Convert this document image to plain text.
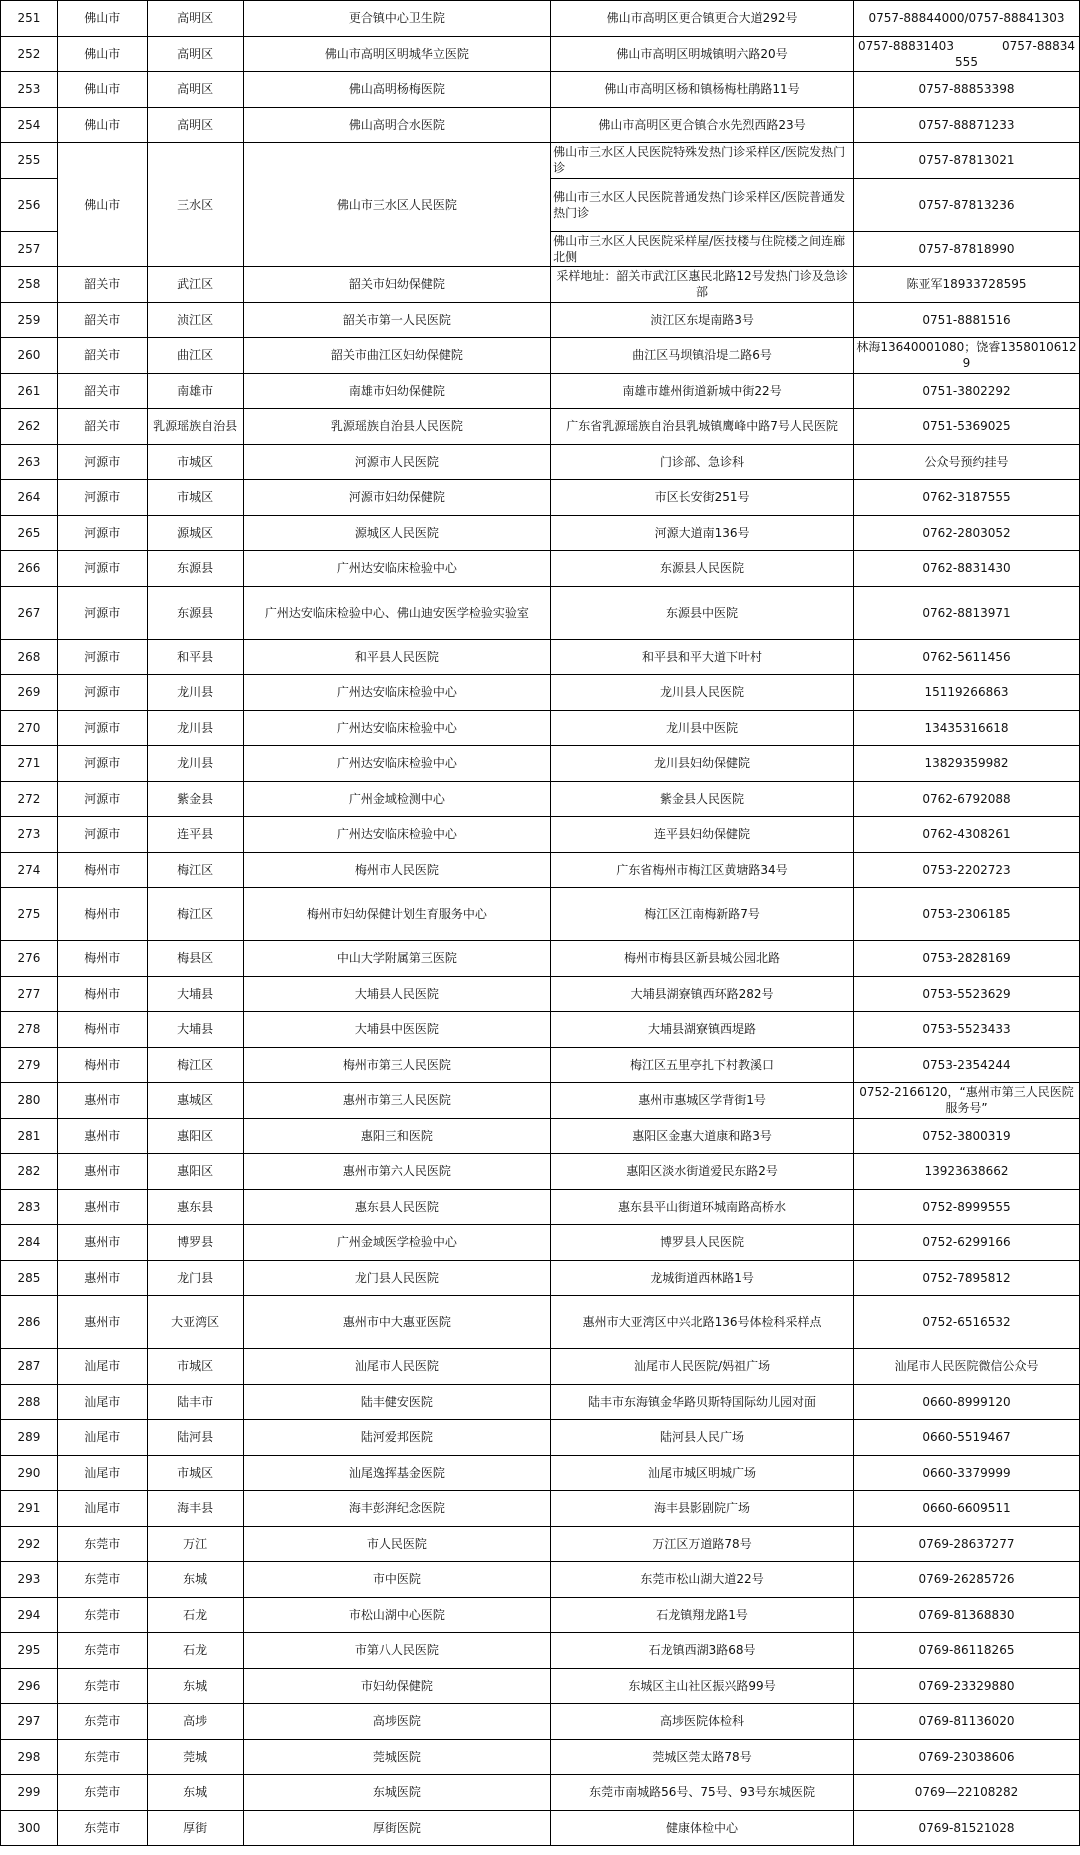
251	佛山市	高明区	更合镇中心卫生院	佛山市高明区更合镇更合大道292号	0757-88844000/0757-88841303
252	佛山市	高明区	佛山市高明区明城华立医院	佛山市高明区明城镇明六路20号	0757-88831403　　　　0757-88834555
253	佛山市	高明区	佛山高明杨梅医院	佛山市高明区杨和镇杨梅杜鹃路11号	0757-88853398
254	佛山市	高明区	佛山高明合水医院	佛山市高明区更合镇合水先烈西路23号	0757-88871233
255	佛山市	三水区	佛山市三水区人民医院	佛山市三水区人民医院特殊发热门诊采样区/医院发热门诊	0757-87813021
256				佛山市三水区人民医院普通发热门诊采样区/医院普通发热门诊	0757-87813236
257				佛山市三水区人民医院采样屋/医技楼与住院楼之间连廊北侧	0757-87818990
258	韶关市	武江区	韶关市妇幼保健院	采样地址：韶关市武江区惠民北路12号发热门诊及急诊部	陈亚军18933728595
259	韶关市	浈江区	韶关市第一人民医院	浈江区东堤南路3号	0751-8881516
260	韶关市	曲江区	韶关市曲江区妇幼保健院	曲江区马坝镇沿堤二路6号	林海13640001080；饶睿13580106129
261	韶关市	南雄市	南雄市妇幼保健院	南雄市雄州街道新城中街22号	0751-3802292
262	韶关市	乳源瑶族自治县	乳源瑶族自治县人民医院	广东省乳源瑶族自治县乳城镇鹰峰中路7号人民医院	0751-5369025
263	河源市	市城区	河源市人民医院	门诊部、急诊科	公众号预约挂号
264	河源市	市城区	河源市妇幼保健院	市区长安街251号	0762-3187555
265	河源市	源城区	源城区人民医院	河源大道南136号	0762-2803052
266	河源市	东源县	广州达安临床检验中心	东源县人民医院	0762-8831430
267	河源市	东源县	广州达安临床检验中心、佛山迪安医学检验实验室	东源县中医院	0762-8813971
268	河源市	和平县	和平县人民医院	和平县和平大道下叶村	0762-5611456
269	河源市	龙川县	广州达安临床检验中心	龙川县人民医院	15119266863
270	河源市	龙川县	广州达安临床检验中心	龙川县中医院	13435316618
271	河源市	龙川县	广州达安临床检验中心	龙川县妇幼保健院	13829359982
272	河源市	紫金县	广州金域检测中心	紫金县人民医院	0762-6792088
273	河源市	连平县	广州达安临床检验中心	连平县妇幼保健院	0762-4308261
274	梅州市	梅江区	梅州市人民医院	广东省梅州市梅江区黄塘路34号	0753-2202723
275	梅州市	梅江区	梅州市妇幼保健计划生育服务中心	梅江区江南梅新路7号	0753-2306185
276	梅州市	梅县区	中山大学附属第三医院	梅州市梅县区新县城公园北路	0753-2828169
277	梅州市	大埔县	大埔县人民医院	大埔县湖寮镇西环路282号	0753-5523629
278	梅州市	大埔县	大埔县中医医院	大埔县湖寮镇西堤路	0753-5523433
279	梅州市	梅江区	梅州市第三人民医院	梅江区五里亭扎下村教溪口	0753-2354244
280	惠州市	惠城区	惠州市第三人民医院	惠州市惠城区学背街1号	0752-2166120，“惠州市第三人民医院服务号”
281	惠州市	惠阳区	惠阳三和医院	惠阳区金惠大道康和路3号	0752-3800319
282	惠州市	惠阳区	惠州市第六人民医院	惠阳区淡水街道爱民东路2号	13923638662
283	惠州市	惠东县	惠东县人民医院	惠东县平山街道环城南路高桥水	0752-8999555
284	惠州市	博罗县	广州金域医学检验中心	博罗县人民医院	0752-6299166
285	惠州市	龙门县	龙门县人民医院	龙城街道西林路1号	0752-7895812
286	惠州市	大亚湾区	惠州市中大惠亚医院	惠州市大亚湾区中兴北路136号体检科采样点	0752-6516532
287	汕尾市	市城区	汕尾市人民医院	汕尾市人民医院/妈祖广场	汕尾市人民医院微信公众号
288	汕尾市	陆丰市	陆丰健安医院	陆丰市东海镇金华路贝斯特国际幼儿园对面	0660-8999120
289	汕尾市	陆河县	陆河爱邦医院	陆河县人民广场	0660-5519467
290	汕尾市	市城区	汕尾逸挥基金医院	汕尾市城区明城广场	0660-3379999
291	汕尾市	海丰县	海丰彭湃纪念医院	海丰县影剧院广场	0660-6609511
292	东莞市	万江	市人民医院	万江区万道路78号	0769-28637277
293	东莞市	东城	市中医院	东莞市松山湖大道22号	0769-26285726
294	东莞市	石龙	市松山湖中心医院	石龙镇翔龙路1号	0769-81368830
295	东莞市	石龙	市第八人民医院	石龙镇西湖3路68号	0769-86118265
296	东莞市	东城	市妇幼保健院	东城区主山社区振兴路99号	0769-23329880
297	东莞市	高埗	高埗医院	高埗医院体检科	0769-81136020
298	东莞市	莞城	莞城医院	莞城区莞太路78号	0769-23038606
299	东莞市	东城	东城医院	东莞市南城路56号、75号、93号东城医院	0769—22108282
300	东莞市	厚街	厚街医院	健康体检中心	0769-81521028
